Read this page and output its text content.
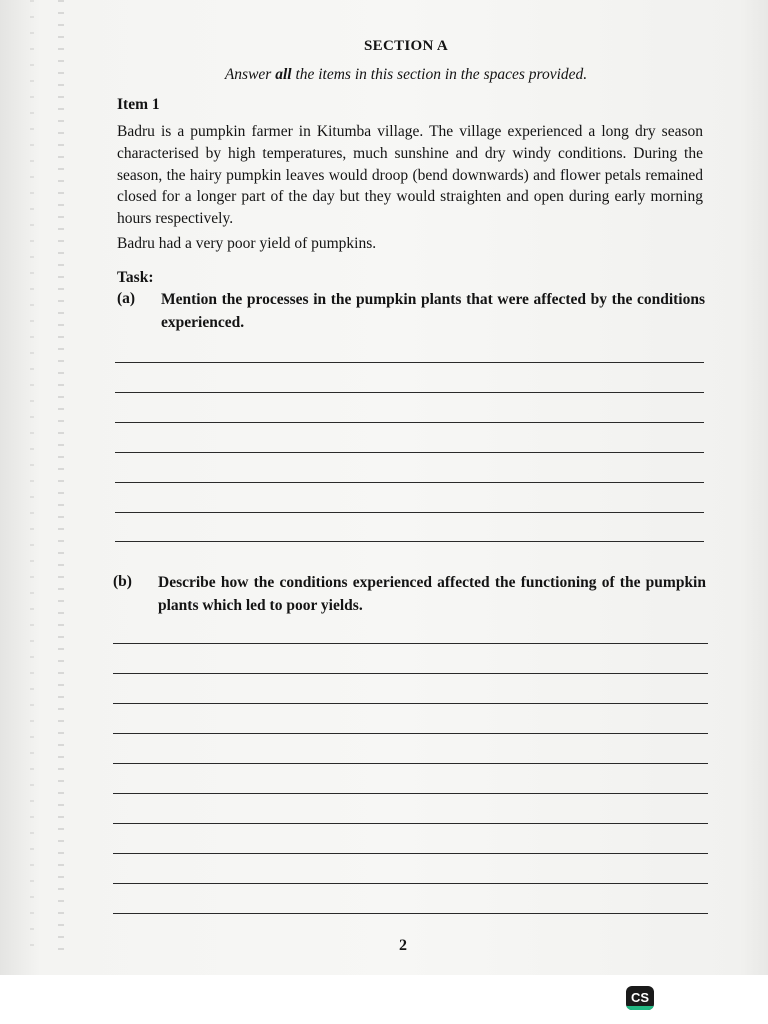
SECTION A
Answer all the items in this section in the spaces provided.
Item 1
Badru is a pumpkin farmer in Kitumba village. The village experienced a long dry season characterised by high temperatures, much sunshine and dry windy conditions. During the season, the hairy pumpkin leaves would droop (bend downwards) and flower petals remained closed for a longer part of the day but they would straighten and open during early morning hours respectively.
Badru had a very poor yield of pumpkins.
Task:
(a) Mention the processes in the pumpkin plants that were affected by the conditions experienced.
(b) Describe how the conditions experienced affected the functioning of the pumpkin plants which led to poor yields.
2
CS
